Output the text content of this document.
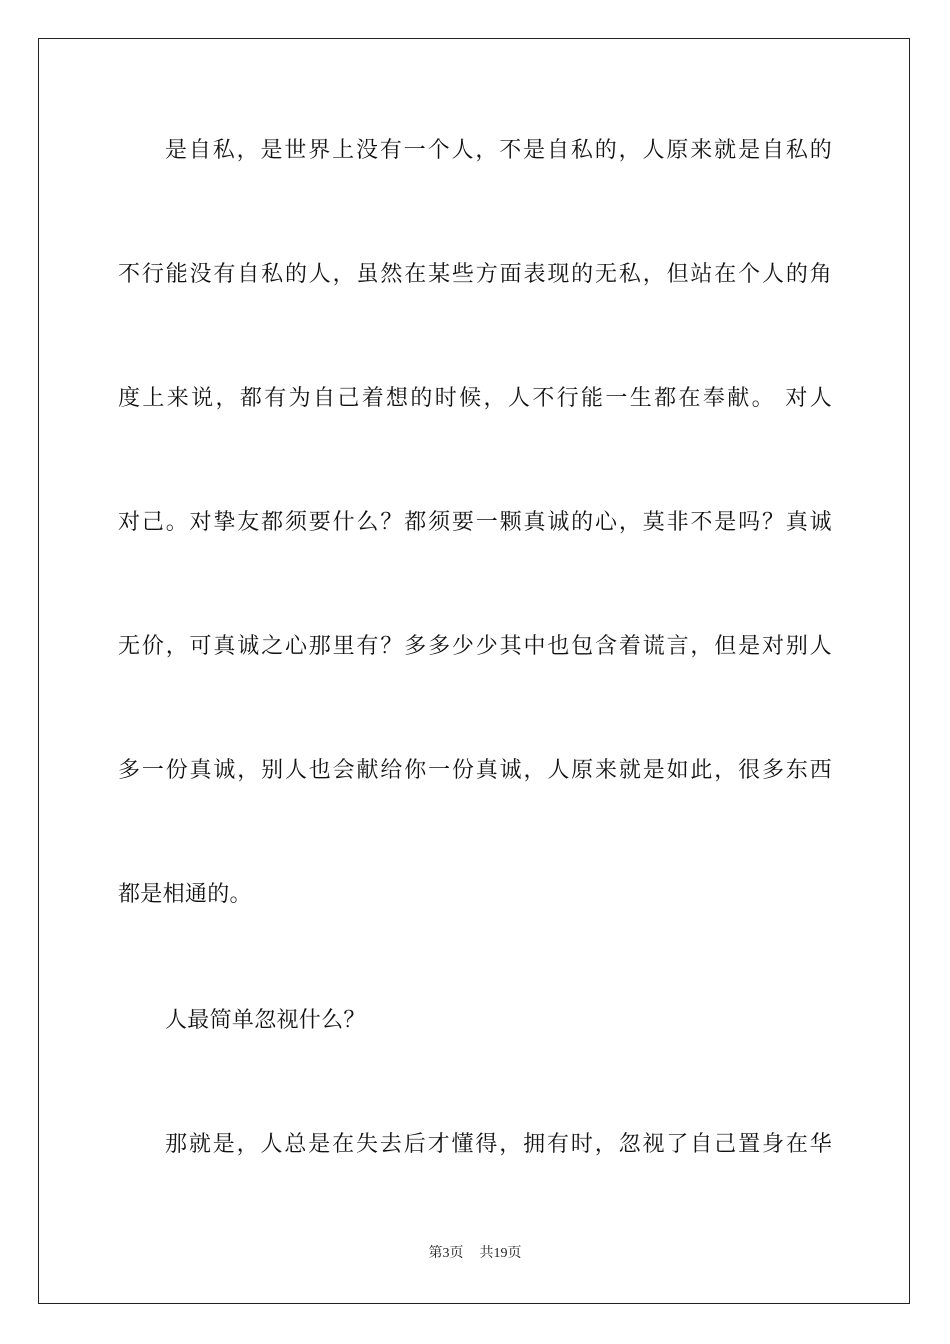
是自私，是世界上没有一个人，不是自私的，人原来就是自私的
不行能没有自私的人，虽然在某些方面表现的无私，但站在个人的角
度上来说，都有为自己着想的时候，人不行能一生都在奉献。 对人
对己。对挚友都须要什么？都须要一颗真诚的心，莫非不是吗？真诚
无价，可真诚之心那里有？多多少少其中也包含着谎言，但是对别人
多一份真诚，别人也会献给你一份真诚，人原来就是如此，很多东西
都是相通的。
人最简单忽视什么？
那就是，人总是在失去后才懂得，拥有时，忽视了自己置身在华
第3页 共19页
